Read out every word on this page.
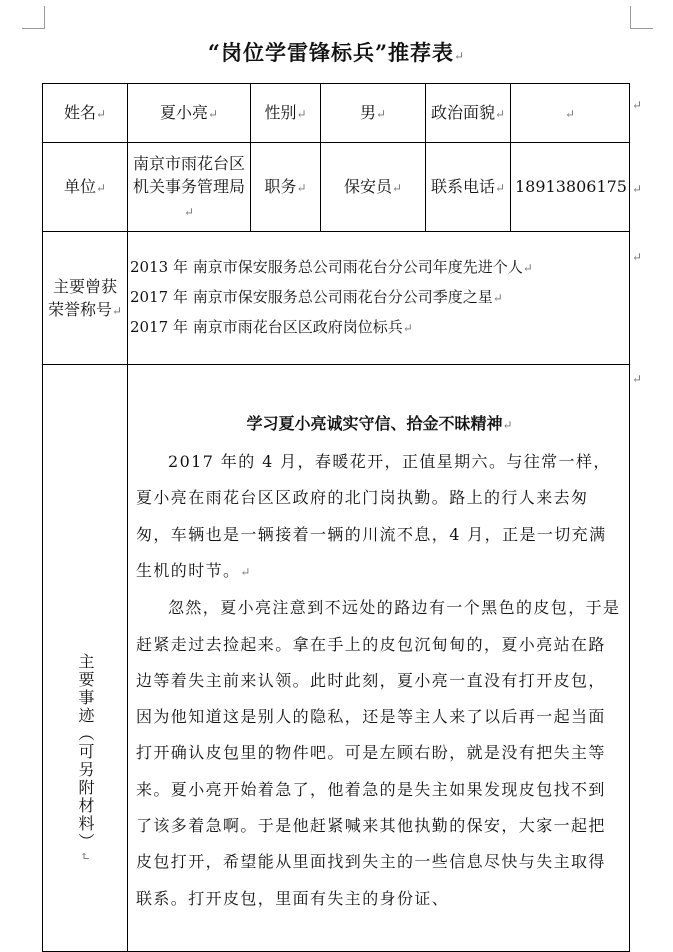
“岗位学雷锋标兵”推荐表↵
姓名↵	夏小亮↵	性别↵	男↵	政治面貌↵	↵
单位↵	南京市雨花台区机关事务管理局↵	职务↵	保安员↵	联系电话↵	18913806175
主要曾获荣誉称号↵	2013 年 南京市保安服务总公司雨花台分公司年度先进个人↵
2017 年 南京市保安服务总公司雨花台分公司季度之星↵
2017 年 南京市雨花台区区政府岗位标兵↵				

主要事迹（可另附材料）↵	学习夏小亮诚实守信、拾金不昧精神↵

2017 年的 4 月，春暖花开，正值星期六。与往常一样，夏小亮在雨花台区区政府的北门岗执勤。路上的行人来去匆匆，车辆也是一辆接着一辆的川流不息，4 月，正是一切充满生机的时节。↵

忽然，夏小亮注意到不远处的路边有一个黑色的皮包，于是赶紧走过去捡起来。拿在手上的皮包沉甸甸的，夏小亮站在路边等着失主前来认领。此时此刻，夏小亮一直没有打开皮包，因为他知道这是别人的隐私，还是等主人来了以后再一起当面打开确认皮包里的物件吧。可是左顾右盼，就是没有把失主等来。夏小亮开始着急了，他着急的是失主如果发现皮包找不到了该多着急啊。于是他赶紧喊来其他执勤的保安，大家一起把皮包打开，希望能从里面找到失主的一些信息尽快与失主取得联系。打开皮包，里面有失主的身份证、				

↵
↵
↵
↵
